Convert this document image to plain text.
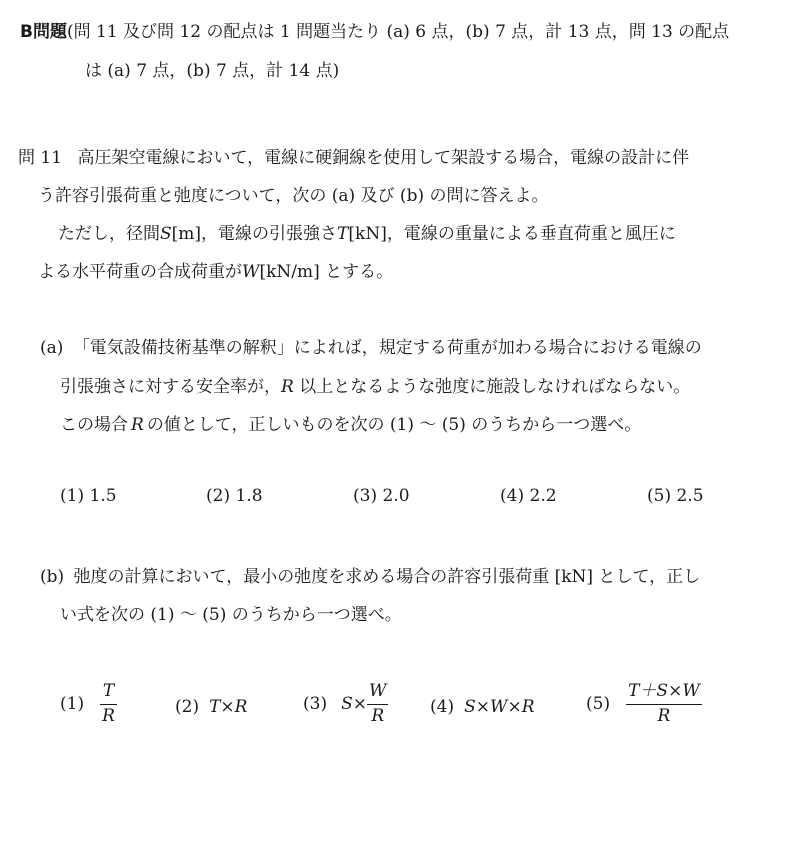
B問題(問 11 及び問 12 の配点は 1 問題当たり (a) 6 点，(b) 7 点，計 13 点，問 13 の配点
は (a) 7 点，(b) 7 点，計 14 点)
問 11 高圧架空電線において，電線に硬銅線を使用して架設する場合，電線の設計に伴
う許容引張荷重と弛度について，次の (a) 及び (b) の問に答えよ。
ただし，径間S[m]，電線の引張強さT[kN]，電線の重量による垂直荷重と風圧に
よる水平荷重の合成荷重がW[kN/m] とする。
(a) 「電気設備技術基準の解釈」によれば，規定する荷重が加わる場合における電線の
引張強さに対する安全率が，R 以上となるような弛度に施設しなければならない。
この場合 R の値として，正しいものを次の (1) ～ (5) のうちから一つ選べ。
(1) 1.5	(2) 1.8	(3) 2.0	(4) 2.2	(5) 2.5
(b) 弛度の計算において，最小の弛度を求める場合の許容引張荷重 [kN] として，正し
い式を次の (1) ～ (5) のうちから一つ選べ。
$(1) \frac{T}{R}$	(2) T×R	(3) $S\times \frac{W}{R} (4)$ S×W×R	$(5) \frac{T+S\times W}{R}$
